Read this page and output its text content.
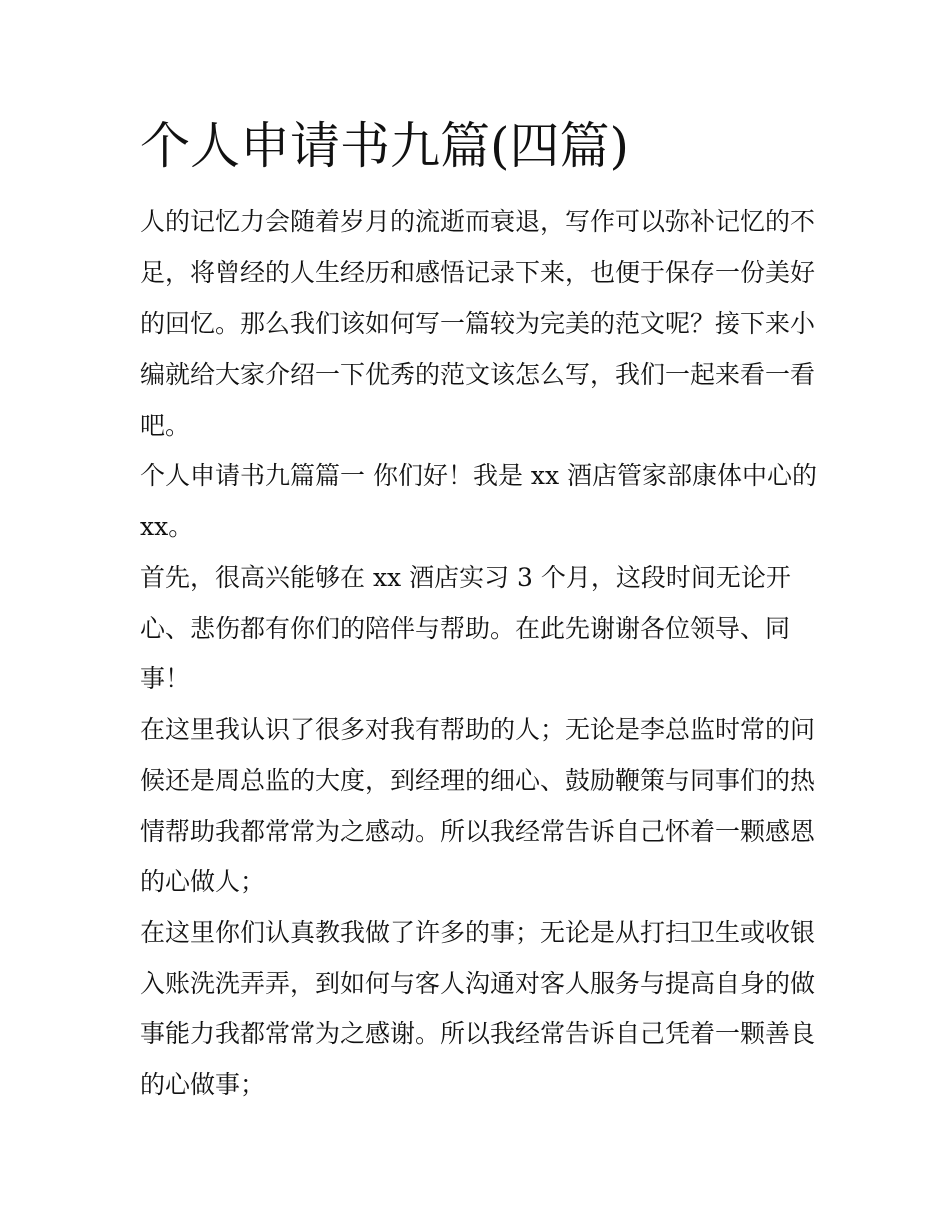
个人申请书九篇(四篇)

人的记忆力会随着岁月的流逝而衰退，写作可以弥补记忆的不

足，将曾经的人生经历和感悟记录下来，也便于保存一份美好

的回忆。那么我们该如何写一篇较为完美的范文呢？接下来小

编就给大家介绍一下优秀的范文该怎么写，我们一起来看一看

吧。

个人申请书九篇篇一 你们好！我是 xx 酒店管家部康体中心的

xx。

首先，很高兴能够在 xx 酒店实习 3 个月，这段时间无论开

心、悲伤都有你们的陪伴与帮助。在此先谢谢各位领导、同

事！

在这里我认识了很多对我有帮助的人；无论是李总监时常的问

候还是周总监的大度，到经理的细心、鼓励鞭策与同事们的热

情帮助我都常常为之感动。所以我经常告诉自己怀着一颗感恩

的心做人；

在这里你们认真教我做了许多的事；无论是从打扫卫生或收银

入账洗洗弄弄，到如何与客人沟通对客人服务与提高自身的做

事能力我都常常为之感谢。所以我经常告诉自己凭着一颗善良

的心做事；
